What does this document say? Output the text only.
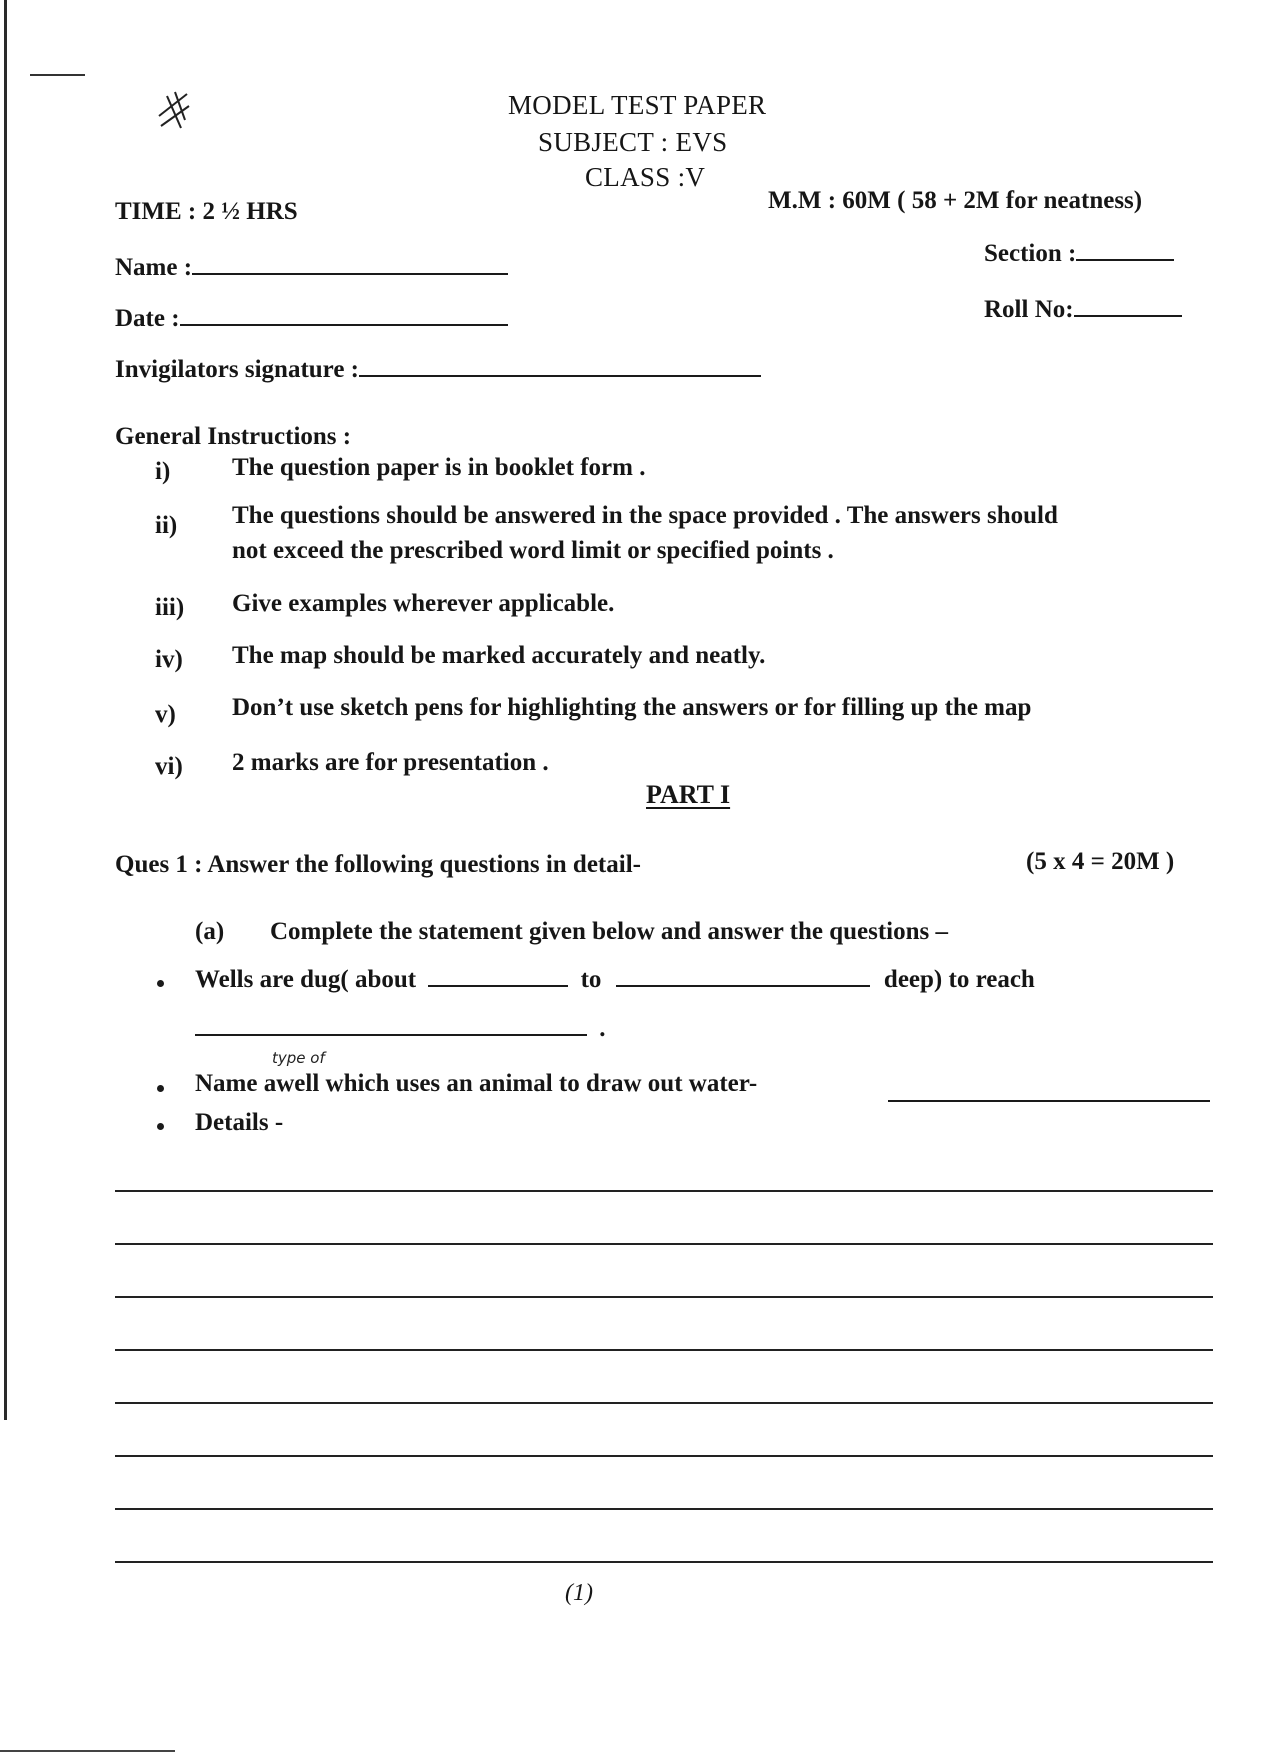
MODEL TEST PAPER
SUBJECT : EVS
CLASS :V
TIME : 2 ½ HRS	M.M : 60M ( 58 + 2M for neatness)
Name :
Section :
Date :	Roll No:
Invigilators signature :
General Instructions :
i) The question paper is in booklet form .
ii) The questions should be answered in the space provided . The answers should
not exceed the prescribed word limit or specified points .
iii) Give examples wherever applicable.
iv) The map should be marked accurately and neatly.
v) Don’t use sketch pens for highlighting the answers or for filling up the map
vi) 2 marks are for presentation .
PART I
Ques 1 : Answer the following questions in detail-	(5 x 4 = 20M )
(a) Complete the statement given below and answer the questions –
Wells are dug( about	to	deep) to reach
.
type of
Name awell which uses an animal to draw out water-
Details -
(1)
